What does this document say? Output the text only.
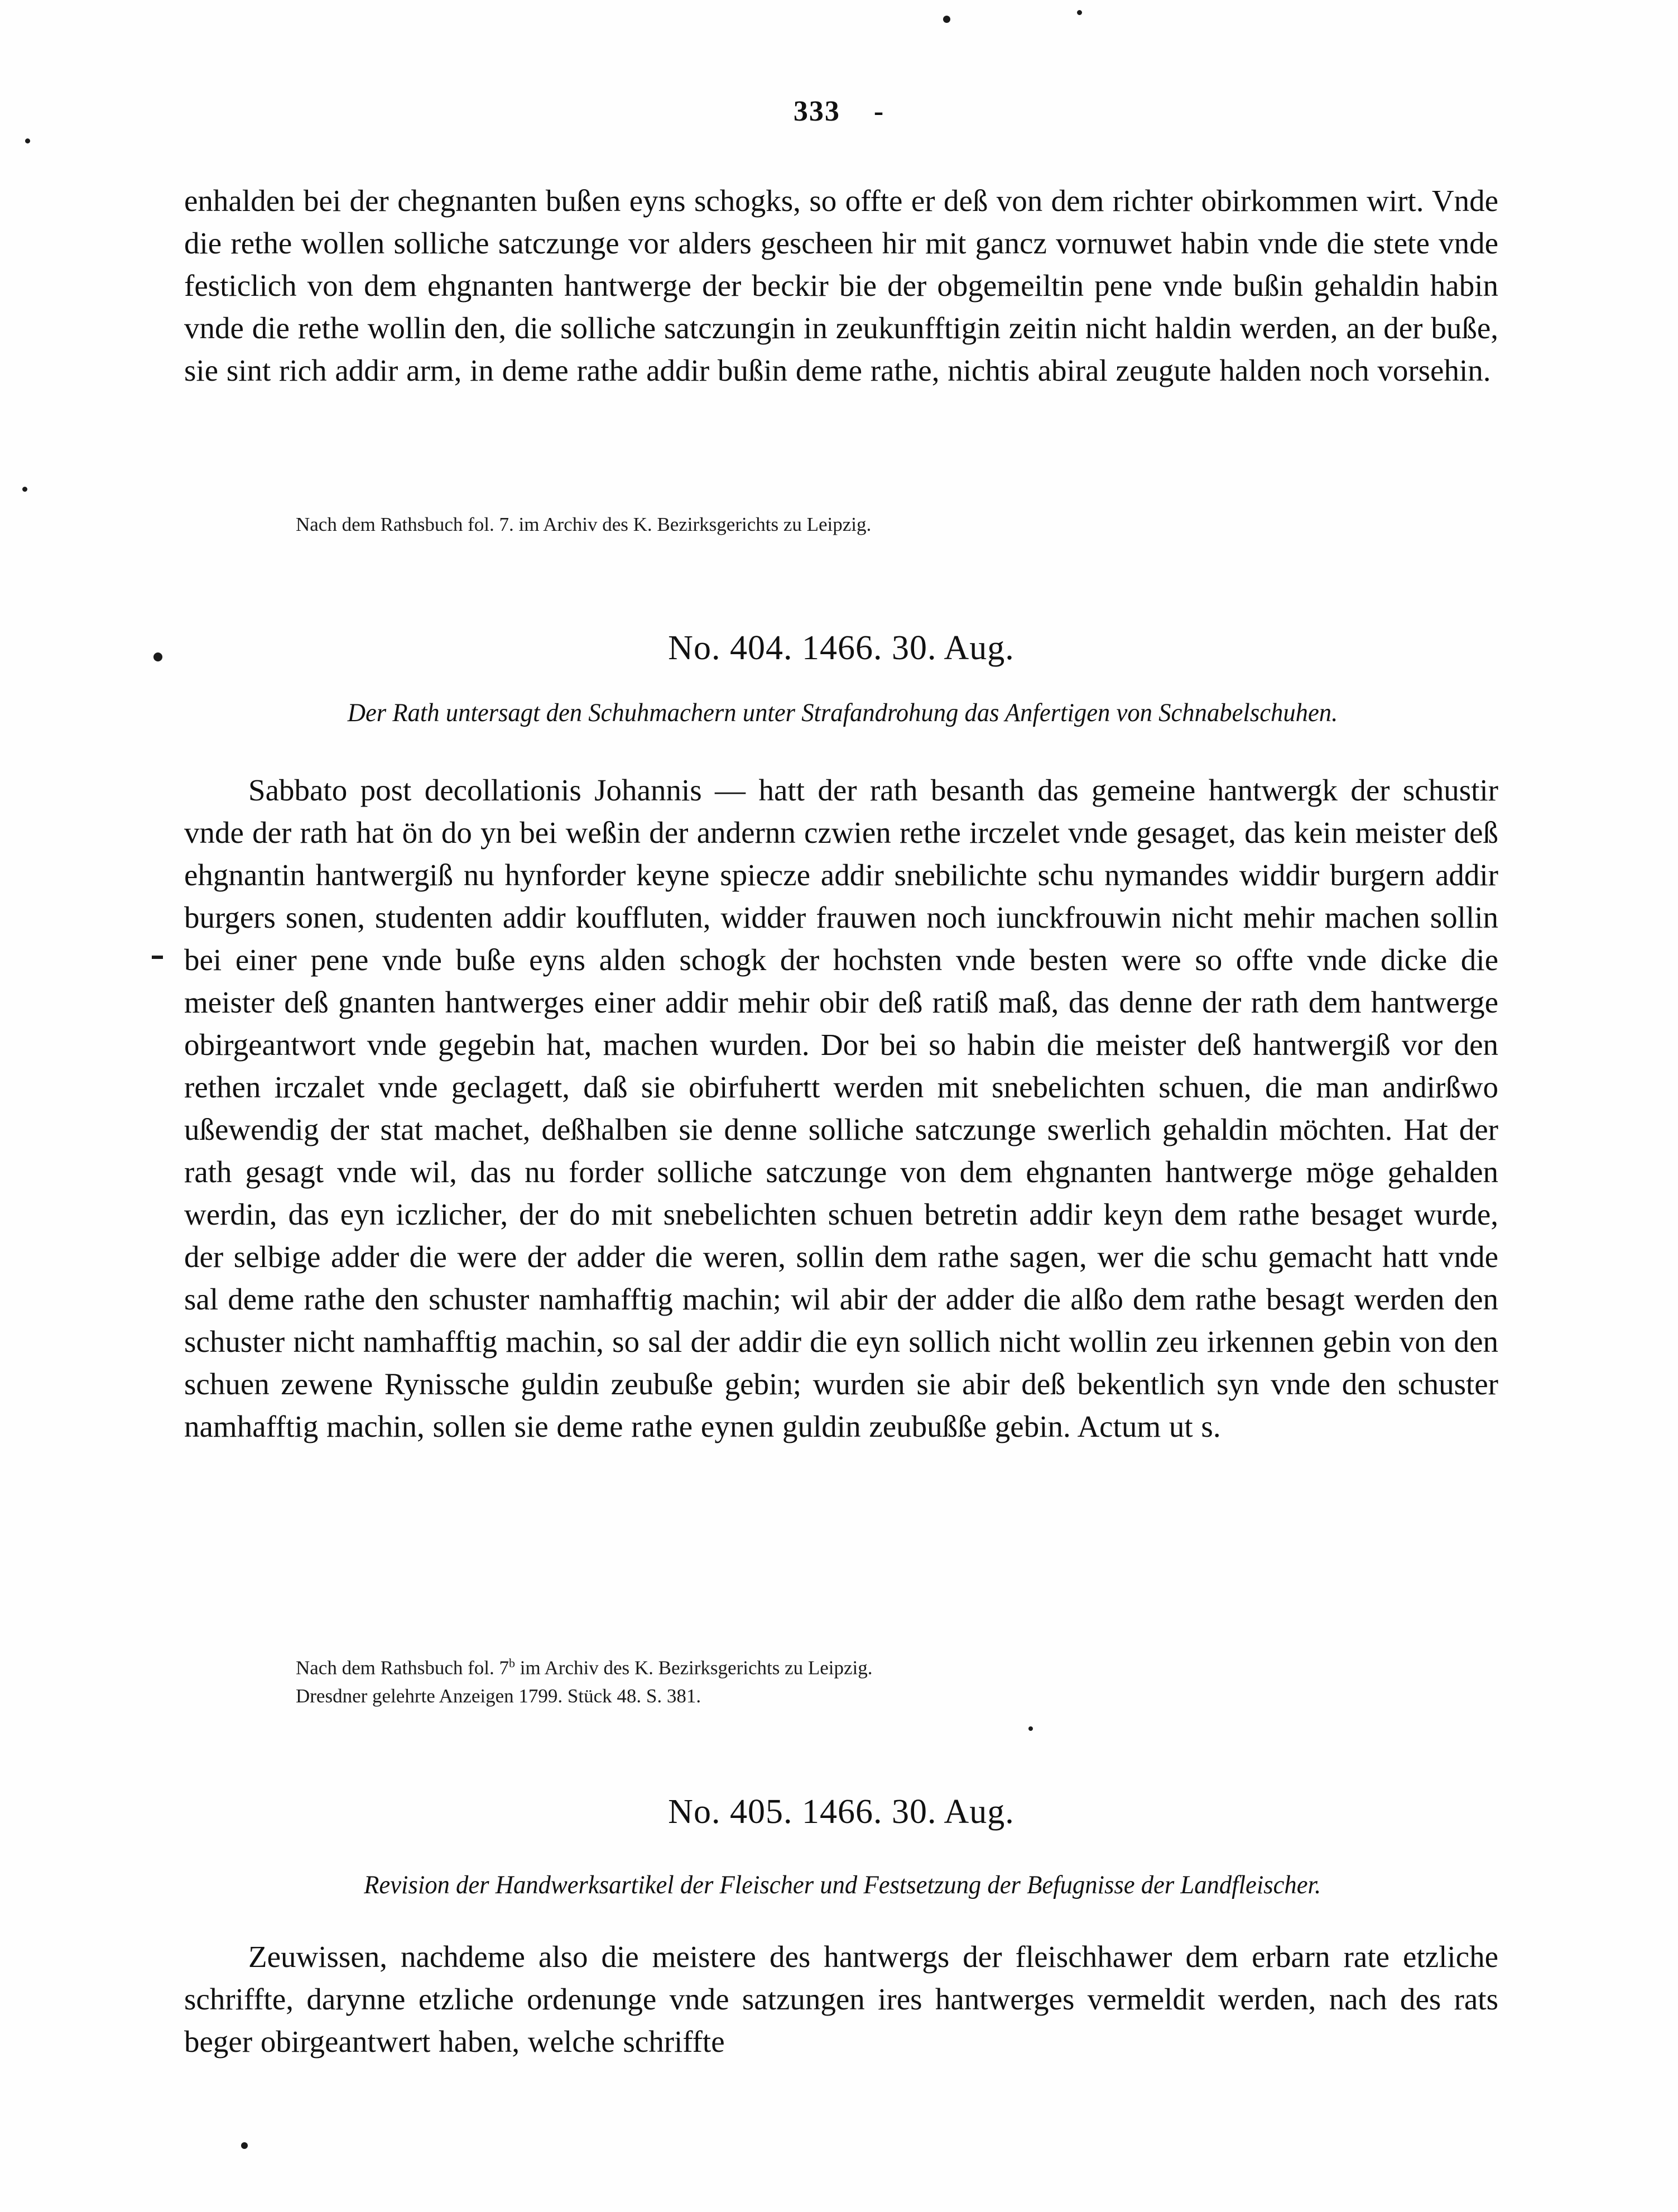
333 -

enhalden bei der chegnanten bußen eyns schogks, so offte er deß von dem richter obirkommen wirt. Vnde die rethe wollen solliche satczunge vor alders gescheen hir mit gancz vornuwet habin vnde die stete vnde festiclich von dem ehgnanten hantwerge der beckir bie der obgemeiltin pene vnde bußin gehaldin habin vnde die rethe wollin den, die solliche satczungin in zeukunfftigin zeitin nicht haldin werden, an der buße, sie sint rich addir arm, in deme rathe addir bußin deme rathe, nichtis abiral zeugute halden noch vorsehin.

Nach dem Rathsbuch fol. 7. im Archiv des K. Bezirksgerichts zu Leipzig.

No. 404. 1466. 30. Aug.

Der Rath untersagt den Schuhmachern unter Strafandrohung das Anfertigen von Schnabelschuhen.

Sabbato post decollationis Johannis — hatt der rath besanth das gemeine hantwergk der schustir vnde der rath hat ön do yn bei weßin der andernn czwien rethe irczelet vnde gesaget, das kein meister deß ehgnantin hantwergiß nu hynforder keyne spiecze addir snebilichte schu nymandes widdir burgern addir burgers sonen, studenten addir kouffluten, widder frauwen noch iunckfrouwin nicht mehir machen sollin bei einer pene vnde buße eyns alden schogk der hochsten vnde besten were so offte vnde dicke die meister deß gnanten hantwerges einer addir mehir obir deß ratiß maß, das denne der rath dem hantwerge obirgeantwort vnde gegebin hat, machen wurden. Dor bei so habin die meister deß hantwergiß vor den rethen irczalet vnde geclagett, daß sie obirfuhertt werden mit snebelichten schuen, die man andirßwo ußewendig der stat machet, deßhalben sie denne solliche satczunge swerlich gehaldin möchten. Hat der rath gesagt vnde wil, das nu forder solliche satczunge von dem ehgnanten hantwerge möge gehalden werdin, das eyn iczlicher, der do mit snebelichten schuen betretin addir keyn dem rathe besaget wurde, der selbige adder die were der adder die weren, sollin dem rathe sagen, wer die schu gemacht hatt vnde sal deme rathe den schuster namhafftig machin; wil abir der adder die alßo dem rathe besagt werden den schuster nicht namhafftig machin, so sal der addir die eyn sollich nicht wollin zeu irkennen gebin von den schuen zewene Rynissche guldin zeubuße gebin; wurden sie abir deß bekentlich syn vnde den schuster namhafftig machin, sollen sie deme rathe eynen guldin zeubußße gebin. Actum ut s.

Nach dem Rathsbuch fol. 7$^b$ im Archiv des K. Bezirksgerichts zu Leipzig.

Dresdner gelehrte Anzeigen 1799. Stück 48. S. 381.

No. 405. 1466. 30. Aug.

Revision der Handwerksartikel der Fleischer und Festsetzung der Befugnisse der Landfleischer.

Zeuwissen, nachdeme also die meistere des hantwergs der fleischhawer dem erbarn rate etzliche schriffte, darynne etzliche ordenunge vnde satzungen ires hantwerges vermeldit werden, nach des rats beger obirgeantwert haben, welche schriffte
